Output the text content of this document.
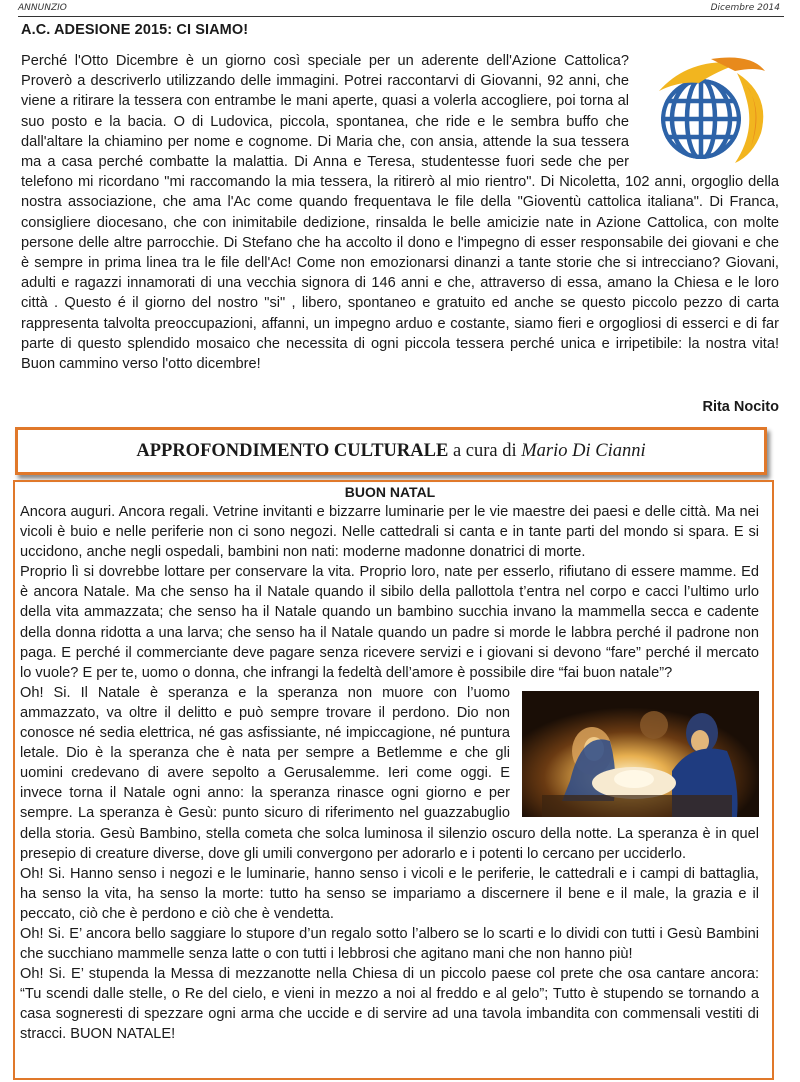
ANNUNZIO	Dicembre 2014
A.C. ADESIONE 2015: CI SIAMO!

Perché l'Otto Dicembre è un giorno così speciale per un aderente dell'Azione Cattolica? Proverò a descriverlo utilizzando delle immagini. Potrei raccontarvi di Giovanni, 92 anni, che viene a ritirare la tessera con entrambe le mani aperte, quasi a volerla accogliere, poi torna al suo posto e la bacia. O di Ludovica, piccola, spontanea, che ride e le sembra buffo che dall'altare la chiamino per nome e cognome. Di Maria che, con ansia, attende la sua tessera ma a casa perché combatte la malattia. Di Anna e Teresa, studentesse fuori sede che per telefono mi ricordano "mi raccomando la mia tessera, la ritirerò al mio rientro". Di Nicoletta, 102 anni, orgoglio della nostra associazione, che ama l'Ac come quando frequentava le file della "Gioventù cattolica italiana". Di Franca, consigliere diocesano, che con inimitabile dedizione, rinsalda le belle amicizie nate in Azione Cattolica, con molte persone delle altre parrocchie. Di Stefano che ha accolto il dono e l'impegno di esser responsabile dei giovani e che è sempre in prima linea tra le file dell'Ac! Come non emozionarsi dinanzi a tante storie che si intrecciano? Giovani, adulti e ragazzi innamorati di una vecchia signora di 146 anni e che, attraverso di essa, amano la Chiesa e le loro città . Questo é il giorno del nostro "si" , libero, spontaneo e gratuito ed anche se questo piccolo pezzo di carta rappresenta talvolta preoccupazioni, affanni, un impegno arduo e costante, siamo fieri e orgogliosi di esserci e di far parte di questo splendido mosaico che necessita di ogni piccola tessera perché unica e irripetibile: la nostra vita! Buon cammino verso l'otto dicembre!

Rita Nocito
APPROFONDIMENTO CULTURALE a cura di Mario Di Cianni
BUON NATAL

Ancora auguri. Ancora regali. Vetrine invitanti e bizzarre luminarie per le vie maestre dei paesi e delle città. Ma nei vicoli è buio e nelle periferie non ci sono negozi. Nelle cattedrali si canta e in tante parti del mondo si spara. E si uccidono, anche negli ospedali, bambini non nati: moderne madonne donatrici di morte.

Proprio lì si dovrebbe lottare per conservare la vita. Proprio loro, nate per esserlo, rifiutano di essere mamme. Ed è ancora Natale. Ma che senso ha il Natale quando il sibilo della pallottola t’entra nel corpo e cacci l’ultimo urlo della vita ammazzata; che senso ha il Natale quando un bambino succhia invano la mammella secca e cadente della donna ridotta a una larva; che senso ha il Natale quando un padre si morde le labbra perché il padrone non paga. E perché il commerciante deve pagare senza ricevere servizi e i giovani si devono “fare” perché il mercato lo vuole? E per te, uomo o donna, che infrangi la fedeltà dell’amore è possibile dire “fai buon natale”?

Oh! Si. Il Natale è speranza e la speranza non muore con l’uomo ammazzato, va oltre il delitto e può sempre trovare il perdono. Dio non conosce né sedia elettrica, né gas asfissiante, né impiccagione, né puntura letale. Dio è la speranza che è nata per sempre a Betlemme e che gli uomini credevano di avere sepolto a Gerusalemme. Ieri come oggi. E invece torna il Natale ogni anno: la speranza rinasce ogni giorno e per sempre. La speranza è Gesù: punto sicuro di riferimento nel guazzabuglio della storia. Gesù Bambino, stella cometa che solca luminosa il silenzio oscuro della notte. La speranza è in quel presepio di creature diverse, dove gli umili convergono per adorarlo e i potenti lo cercano per ucciderlo.

Oh! Si. Hanno senso i negozi e le luminarie, hanno senso i vicoli e le periferie, le cattedrali e i campi di battaglia, ha senso la vita, ha senso la morte: tutto ha senso se impariamo a discernere il bene e il male, la grazia e il peccato, ciò che è perdono e ciò che è vendetta.

Oh! Si. E’ ancora bello saggiare lo stupore d’un regalo sotto l’albero se lo scarti e lo dividi con tutti i Gesù Bambini che succhiano mammelle senza latte o con tutti i lebbrosi che agitano mani che non hanno più!

Oh! Si. E’ stupenda la Messa di mezzanotte nella Chiesa di un piccolo paese col prete che osa cantare ancora: “Tu scendi dalle stelle, o Re del cielo, e vieni in mezzo a noi al freddo e al gelo”; Tutto è stupendo se tornando a casa sogneresti di spezzare ogni arma che uccide e di servire ad una tavola imbandita con commensali vestiti di stracci. BUON NATALE!
